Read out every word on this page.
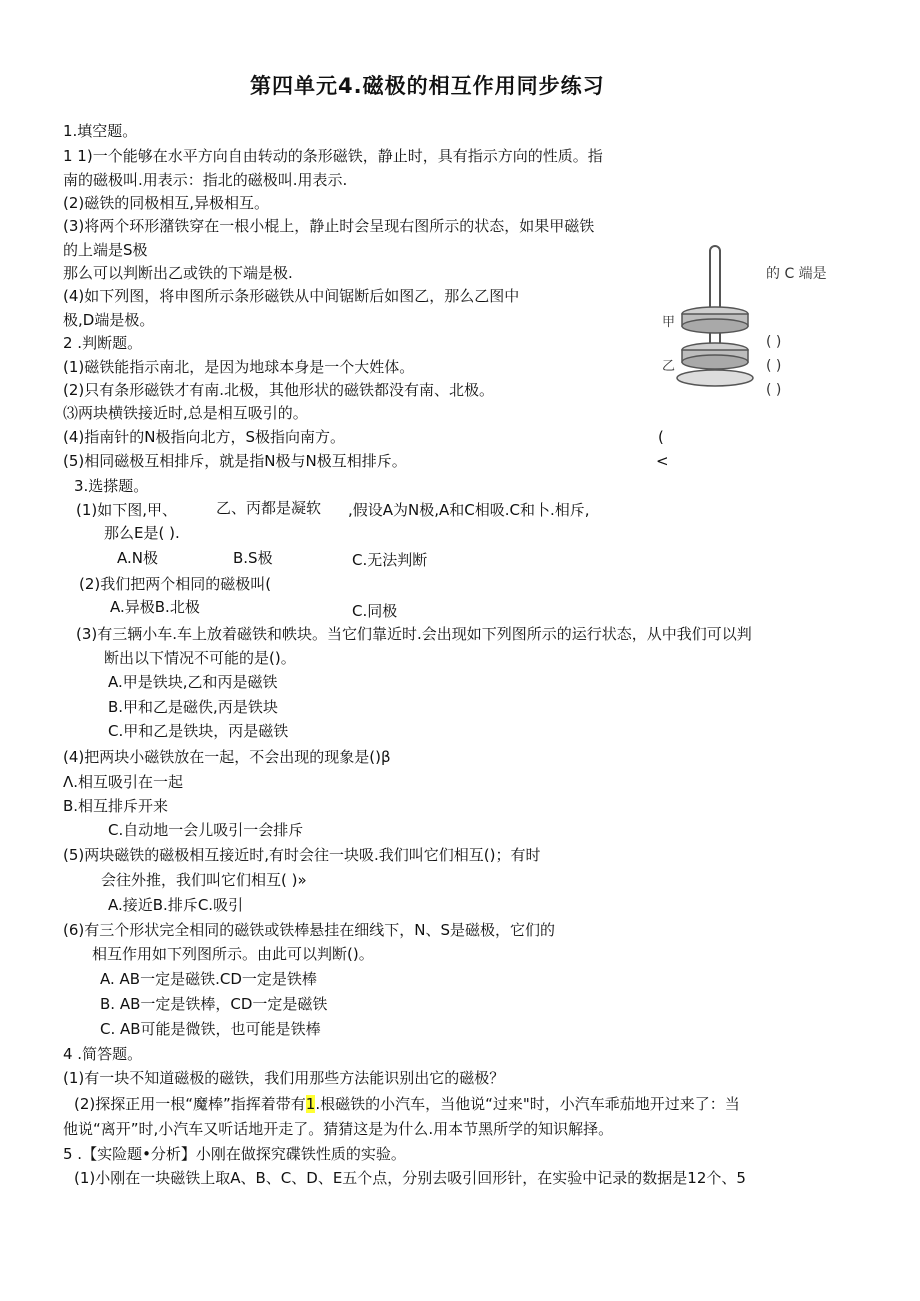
第四单元4.磁极的相互作用同步练习
1.填空题。
1 1)一个能够在水平方向自由转动的条形磁铁，静止时，具有指示方向的性质。指
南的磁极叫.用表示：指北的磁极叫.用表示.
(2)磁铁的同极相互,异极相互。
(3)将两个环形潴铁穿在一根小棍上，静止时会呈现右图所示的状态，如果甲磁铁
的上端是S极
那么可以判断出乙或铁的下端是极.
(4)如下列图，将申图所示条形磁铁从中间锯断后如图乙，那么乙图中
极,D端是极。
2 .判断题。
(1)磁铁能指示南北，是因为地球本身是一个大姓体。
(2)只有条形磁铁才有南.北极，其他形状的磁铁都没有南、北极。
⑶两块横铁接近时,总是相互吸引的。
(4)指南针的N极指向北方，S极指向南方。	(
(5)相同磁极互相排斥，就是指N极与N极互相排斥。	<
3.选搽题。
(1)如下图,甲、	乙、丙都是凝软 ,假设A为N极,A和C相吸.C和卜.相斥,
那么E是( ).
A.N极	B.S极	C.无法判断
(2)我们把两个相同的磁极叫(
A.异极B.北极	C.同极
(3)有三辆小车.车上放着磁铁和帙块。当它们靠近时.会出现如下列图所示的运行状态，从中我们可以判
断出以下情况不可能的是()。
A.甲是铁块,乙和丙是磁铁
B.甲和乙是磁佚,丙是铁块
C.甲和乙是铁块，丙是磁铁
(4)把两块小磁铁放在一起，不会出现的现象是()β
Λ.相互吸引在一起
B.相互排斥开来
C.自动地一会儿吸引一会排斥
(5)两块磁铁的磁极相互接近时,有时会往一块吸.我们叫它们相互()；有时
会往外推，我们叫它们相互( )»
A.接近B.排斥C.吸引
(6)有三个形状完全相同的磁铁或铁棒悬挂在细线下，N、S是磁极，它们的
相互作用如下列图所示。由此可以判断()。
A. AB一定是磁铁.CD一定是铁棒
B. AB一定是铁棒，CD一定是磁铁
C. AB可能是微铁，也可能是铁棒
4 .简答题。
(1)有一块不知道磁极的磁铁，我们用那些方法能识别出它的磁极？
(2)探探正用一根“魔棒”指挥着带有1.根磁铁的小汽车，当他说“过来"时，小汽车乖茄地开过来了：当
他说“离开”时,小汽车又听话地开走了。猜猜这是为什么.用本节黑所学的知识解择。
5 .【实险题•分析】小刚在做探究碟铁性质的实验。
(1)小刚在一块磁铁上取A、B、C、D、E五个点，分别去吸引回形针，在实验中记录的数据是12个、5
的 C 端是
甲
乙
( )
( )
( )
